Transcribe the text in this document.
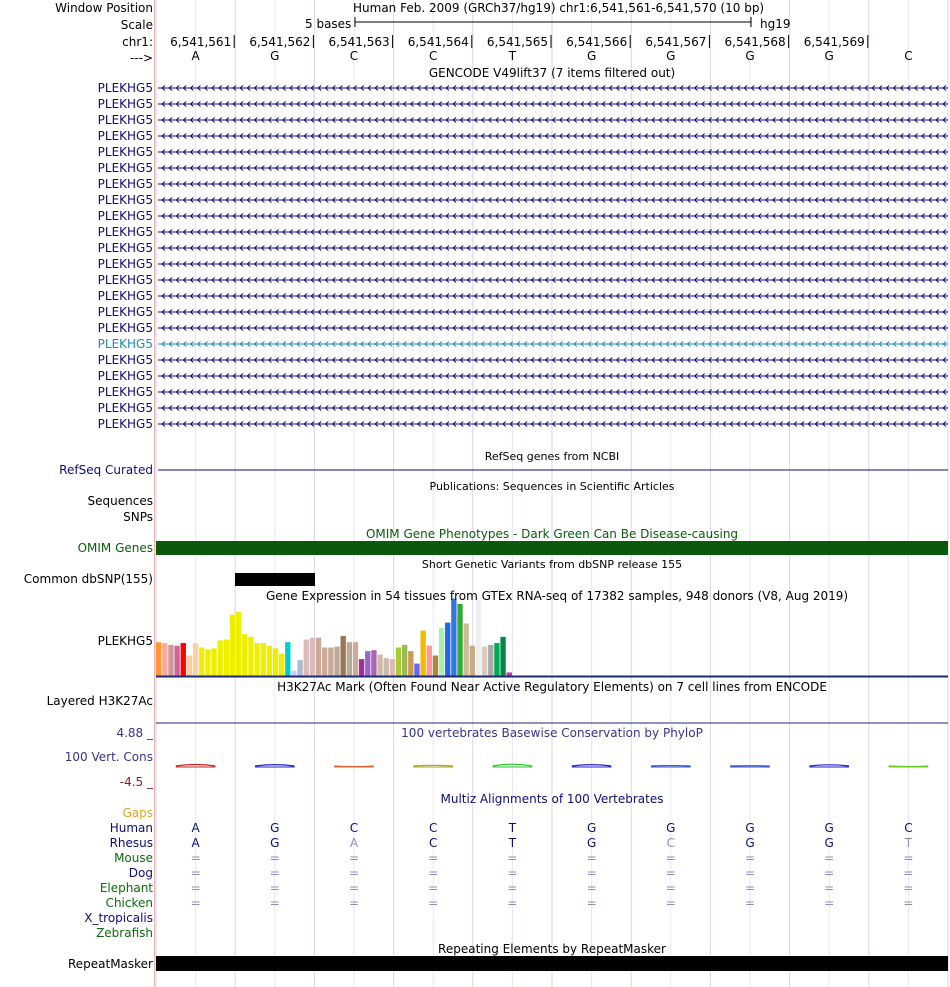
Window Position
Scale
chr1:
--->
Human Feb. 2009 (GRCh37/hg19) chr1:6,541,561-6,541,570 (10 bp)
5 bases	hg19
6,541,561 6,541,562 6,541,563 6,541,564 6,541,565 6,541,566 6,541,567 6,541,568 6,541,569
A	G	C	C	T	G	G	G	G	C
GENCODE V49lift37 (7 items filtered out)
PLEKHG5
PLEKHG5
PLEKHG5
PLEKHG5
PLEKHG5
PLEKHG5
PLEKHG5
PLEKHG5
PLEKHG5
PLEKHG5
PLEKHG5
PLEKHG5
PLEKHG5
PLEKHG5
PLEKHG5
PLEKHG5
PLEKHG5
PLEKHG5
PLEKHG5
PLEKHG5
PLEKHG5
PLEKHG5
RefSeq genes from NCBI
RefSeq Curated
Publications: Sequences in Scientific Articles
Sequences
SNPs
OMIM Gene Phenotypes - Dark Green Can Be Disease-causing
OMIM Genes
Short Genetic Variants from dbSNP release 155
Common dbSNP(155)
Gene Expression in 54 tissues from GTEx RNA-seq of 17382 samples, 948 donors (V8, Aug 2019)
PLEKHG5
H3K27Ac Mark (Often Found Near Active Regulatory Elements) on 7 cell lines from ENCODE
Layered H3K27Ac
100 vertebrates Basewise Conservation by PhyloP
4.88 _
100 Vert. Cons
-4.5 _
Multiz Alignments of 100 Vertebrates
Gaps
Human	A	G	C	C	T	G	G	G	G	C
Rhesus	A	G	A	C	T	G	C	G	G	T
Mouse	=	=	=	=	=	=	=	=	=	=
Dog	=	=	=	=	=	=	=	=	=	=
Elephant	=	=	=	=	=	=	=	=	=	=
Chicken	=	=	=	=	=	=	=	=	=	=
X_tropicalis
Zebrafish
Repeating Elements by RepeatMasker
RepeatMasker
